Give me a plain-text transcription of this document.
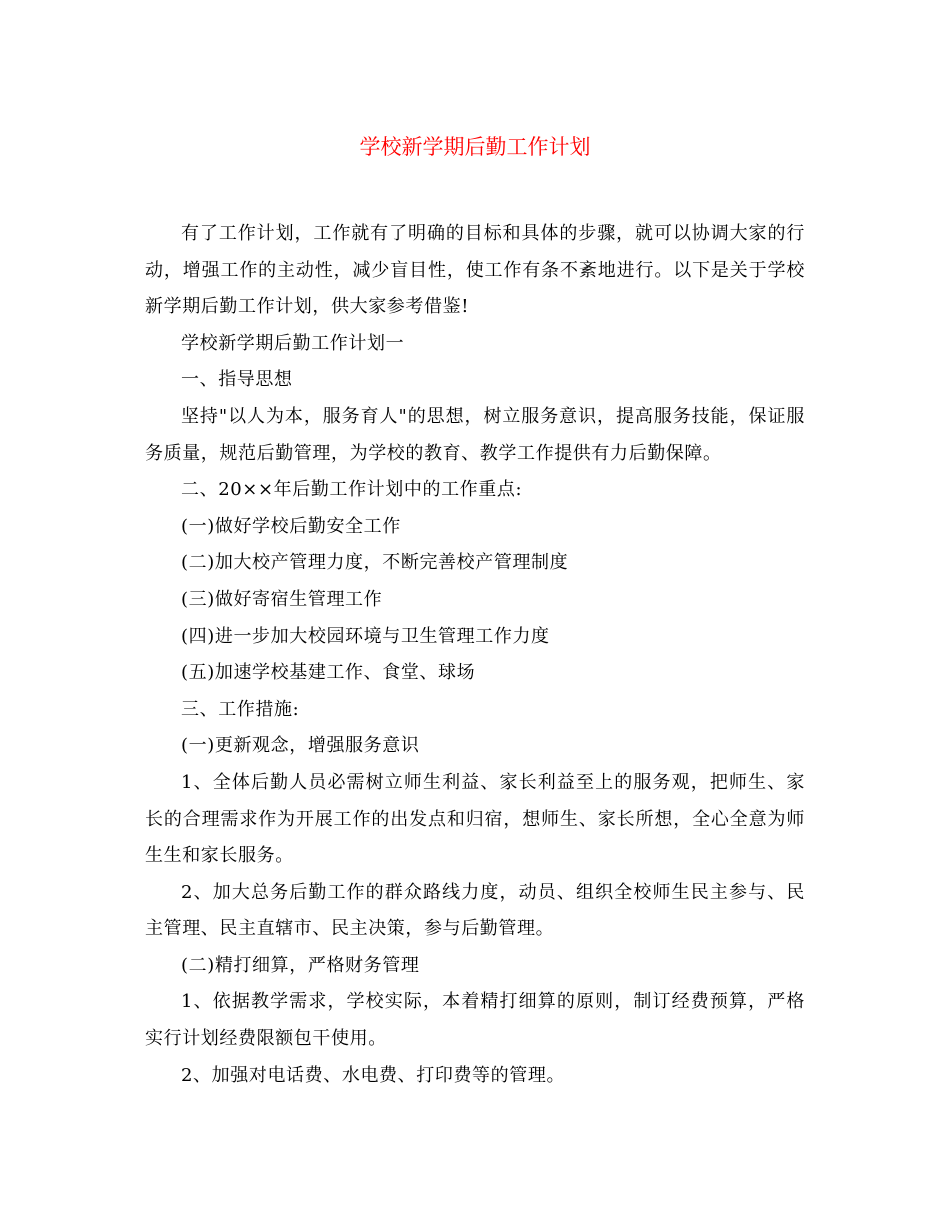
学校新学期后勤工作计划

有了工作计划，工作就有了明确的目标和具体的步骤，就可以协调大家的行动，增强工作的主动性，减少盲目性，使工作有条不紊地进行。以下是关于学校新学期后勤工作计划，供大家参考借鉴!

学校新学期后勤工作计划一

一、指导思想

坚持"以人为本，服务育人"的思想，树立服务意识，提高服务技能，保证服务质量，规范后勤管理，为学校的教育、教学工作提供有力后勤保障。

二、20××年后勤工作计划中的工作重点:

(一)做好学校后勤安全工作

(二)加大校产管理力度，不断完善校产管理制度

(三)做好寄宿生管理工作

(四)进一步加大校园环境与卫生管理工作力度

(五)加速学校基建工作、食堂、球场

三、工作措施:

(一)更新观念，增强服务意识

1、全体后勤人员必需树立师生利益、家长利益至上的服务观，把师生、家长的合理需求作为开展工作的出发点和归宿，想师生、家长所想，全心全意为师生生和家长服务。

2、加大总务后勤工作的群众路线力度，动员、组织全校师生民主参与、民主管理、民主直辖市、民主决策，参与后勤管理。

(二)精打细算，严格财务管理

1、依据教学需求，学校实际，本着精打细算的原则，制订经费预算，严格实行计划经费限额包干使用。

2、加强对电话费、水电费、打印费等的管理。
